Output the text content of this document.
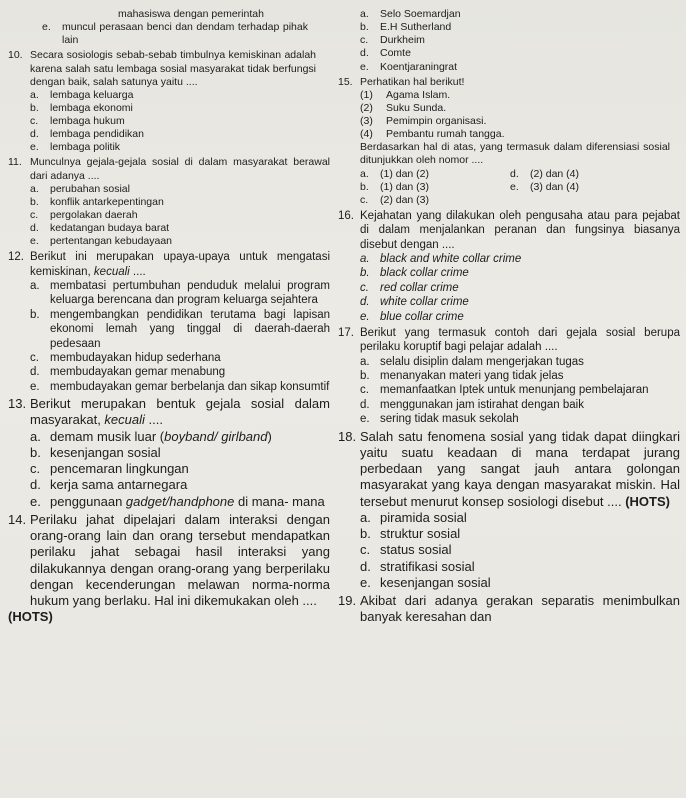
mahasiswa dengan pemerintah
e.	muncul perasaan benci dan dendam terhadap pihak lain
10. Secara sosiologis sebab-sebab timbulnya kemiskinan adalah karena salah satu lembaga sosial masyarakat tidak berfungsi dengan baik, salah satunya yaitu ....
a.	lembaga keluarga
b.	lembaga ekonomi
c.	lembaga hukum
d.	lembaga pendidikan
e.	lembaga politik
11. Munculnya gejala-gejala sosial di dalam masyarakat berawal dari adanya ....
a.	perubahan sosial
b.	konflik antarkepentingan
c.	pergolakan daerah
d.	kedatangan budaya barat
e.	pertentangan kebudayaan
12. Berikut ini merupakan upaya-upaya untuk mengatasi kemiskinan, kecuali ....
a. membatasi pertumbuhan penduduk melalui program keluarga berencana dan program keluarga sejahtera
b. mengembangkan pendidikan terutama bagi lapisan ekonomi lemah yang tinggal di daerah-daerah pedesaan
c. membudayakan hidup sederhana
d. membudayakan gemar menabung
e. membudayakan gemar berbelanja dan sikap konsumtif
13. Berikut merupakan bentuk gejala sosial dalam masyarakat, kecuali ....
a. demam musik luar (boyband/ girlband)
b. kesenjangan sosial
c. pencemaran lingkungan
d. kerja sama antarnegara
e. penggunaan gadget/handphone di mana- mana
14. Perilaku jahat dipelajari dalam interaksi dengan orang-orang lain dan orang tersebut mendapatkan perilaku jahat sebagai hasil interaksi yang dilakukannya dengan orang-orang yang berperilaku dengan kecenderungan melawan norma-norma hukum yang berlaku. Hal ini dikemukakan oleh ....
(HOTS)
a.	Selo Soemardjan
b.	E.H Sutherland
c.	Durkheim
d.	Comte
e.	Koentjaraningrat
15. Perhatikan hal berikut!
(1)	Agama Islam.
(2)	Suku Sunda.
(3)	Pemimpin organisasi.
(4)	Pembantu rumah tangga.
Berdasarkan hal di atas, yang termasuk dalam diferensiasi sosial ditunjukkan oleh nomor ....
a.	(1) dan (2)
b.	(1) dan (3)
c.	(2) dan (3)
d.	(2) dan (4)
e.	(3) dan (4)
16. Kejahatan yang dilakukan oleh pengusaha atau para pejabat di dalam menjalankan peranan dan fungsinya biasanya disebut dengan ....
a. black and white collar crime
b. black collar crime
c. red collar crime
d. white collar crime
e. blue collar crime
17. Berikut yang termasuk contoh dari gejala sosial berupa perilaku koruptif bagi pelajar adalah ....
a. selalu disiplin dalam mengerjakan tugas
b. menanyakan materi yang tidak jelas
c. memanfaatkan Iptek untuk menunjang pembelajaran
d. menggunakan jam istirahat dengan baik
e. sering tidak masuk sekolah
18. Salah satu fenomena sosial yang tidak dapat diingkari yaitu suatu keadaan di mana terdapat jurang perbedaan yang sangat jauh antara golongan masyarakat yang kaya dengan masyarakat miskin. Hal tersebut menurut konsep sosiologi disebut .... (HOTS)
a. piramida sosial
b. struktur sosial
c. status sosial
d. stratifikasi sosial
e. kesenjangan sosial
19. Akibat dari adanya gerakan separatis menimbulkan banyak keresahan dan
